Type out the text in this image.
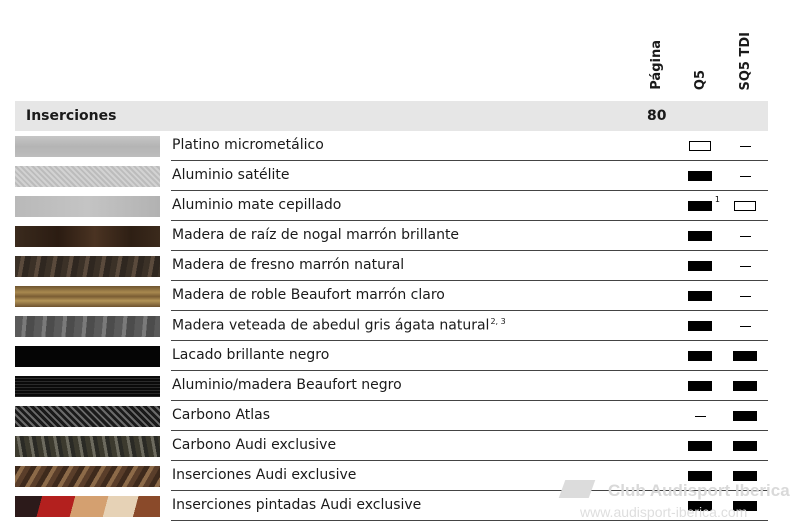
Página Q5 SQ5 TDI
Inserciones	80
Platino micrometálico
Aluminio satélite
Aluminio mate cepillado	1
Madera de raíz de nogal marrón brillante
Madera de fresno marrón natural
Madera de roble Beaufort marrón claro
Madera veteada de abedul gris ágata natural$^{2, 3}$
Lacado brillante negro
Aluminio/madera Beaufort negro
Carbono Atlas
Carbono Audi exclusive
Inserciones Audi exclusive
Inserciones pintadas Audi exclusive
Club Audisport Iberica
www.audisport-iberica.com
